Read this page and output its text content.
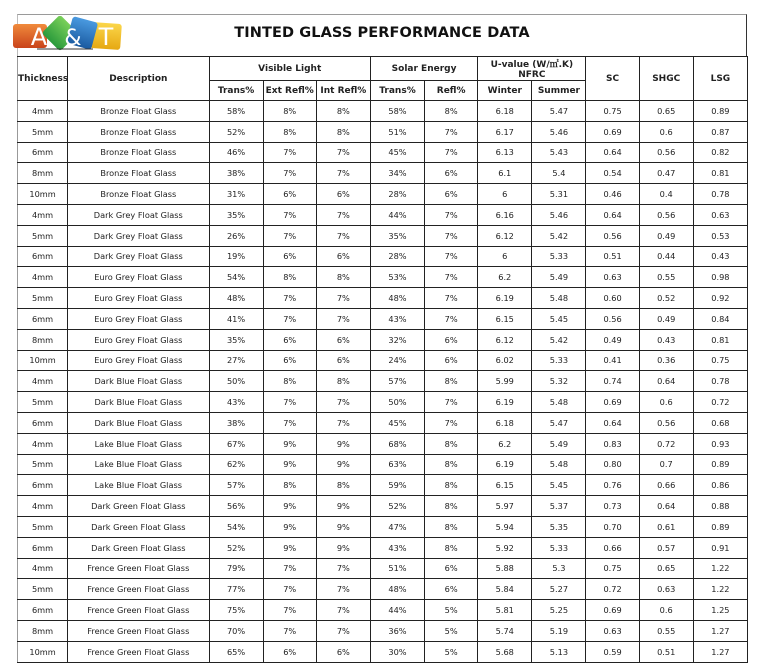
A & T	TINTED GLASS PERFORMANCE DATA
Thickness	Description	Visible Light			Solar Energy		U-value (W/㎡.K) NFRC		SC	SHGC	LSG
		Trans%	Ext Refl%	Int Refl%	Trans%	Refl%	Winter	Summer			
4mm	Bronze Float Glass	58%	8%	8%	58%	8%	6.18	5.47	0.75	0.65	0.89
5mm	Bronze Float Glass	52%	8%	8%	51%	7%	6.17	5.46	0.69	0.6	0.87
6mm	Bronze Float Glass	46%	7%	7%	45%	7%	6.13	5.43	0.64	0.56	0.82
8mm	Bronze Float Glass	38%	7%	7%	34%	6%	6.1	5.4	0.54	0.47	0.81
10mm	Bronze Float Glass	31%	6%	6%	28%	6%	6	5.31	0.46	0.4	0.78
4mm	Dark Grey Float Glass	35%	7%	7%	44%	7%	6.16	5.46	0.64	0.56	0.63
5mm	Dark Grey Float Glass	26%	7%	7%	35%	7%	6.12	5.42	0.56	0.49	0.53
6mm	Dark Grey Float Glass	19%	6%	6%	28%	7%	6	5.33	0.51	0.44	0.43
4mm	Euro Grey Float Glass	54%	8%	8%	53%	7%	6.2	5.49	0.63	0.55	0.98
5mm	Euro Grey Float Glass	48%	7%	7%	48%	7%	6.19	5.48	0.60	0.52	0.92
6mm	Euro Grey Float Glass	41%	7%	7%	43%	7%	6.15	5.45	0.56	0.49	0.84
8mm	Euro Grey Float Glass	35%	6%	6%	32%	6%	6.12	5.42	0.49	0.43	0.81
10mm	Euro Grey Float Glass	27%	6%	6%	24%	6%	6.02	5.33	0.41	0.36	0.75
4mm	Dark Blue Float Glass	50%	8%	8%	57%	8%	5.99	5.32	0.74	0.64	0.78
5mm	Dark Blue Float Glass	43%	7%	7%	50%	7%	6.19	5.48	0.69	0.6	0.72
6mm	Dark Blue Float Glass	38%	7%	7%	45%	7%	6.18	5.47	0.64	0.56	0.68
4mm	Lake Blue Float Glass	67%	9%	9%	68%	8%	6.2	5.49	0.83	0.72	0.93
5mm	Lake Blue Float Glass	62%	9%	9%	63%	8%	6.19	5.48	0.80	0.7	0.89
6mm	Lake Blue Float Glass	57%	8%	8%	59%	8%	6.15	5.45	0.76	0.66	0.86
4mm	Dark Green Float Glass	56%	9%	9%	52%	8%	5.97	5.37	0.73	0.64	0.88
5mm	Dark Green Float Glass	54%	9%	9%	47%	8%	5.94	5.35	0.70	0.61	0.89
6mm	Dark Green Float Glass	52%	9%	9%	43%	8%	5.92	5.33	0.66	0.57	0.91
4mm	Frence Green Float Glass	79%	7%	7%	51%	6%	5.88	5.3	0.75	0.65	1.22
5mm	Frence Green Float Glass	77%	7%	7%	48%	6%	5.84	5.27	0.72	0.63	1.22
6mm	Frence Green Float Glass	75%	7%	7%	44%	5%	5.81	5.25	0.69	0.6	1.25
8mm	Frence Green Float Glass	70%	7%	7%	36%	5%	5.74	5.19	0.63	0.55	1.27
10mm	Frence Green Float Glass	65%	6%	6%	30%	5%	5.68	5.13	0.59	0.51	1.27
